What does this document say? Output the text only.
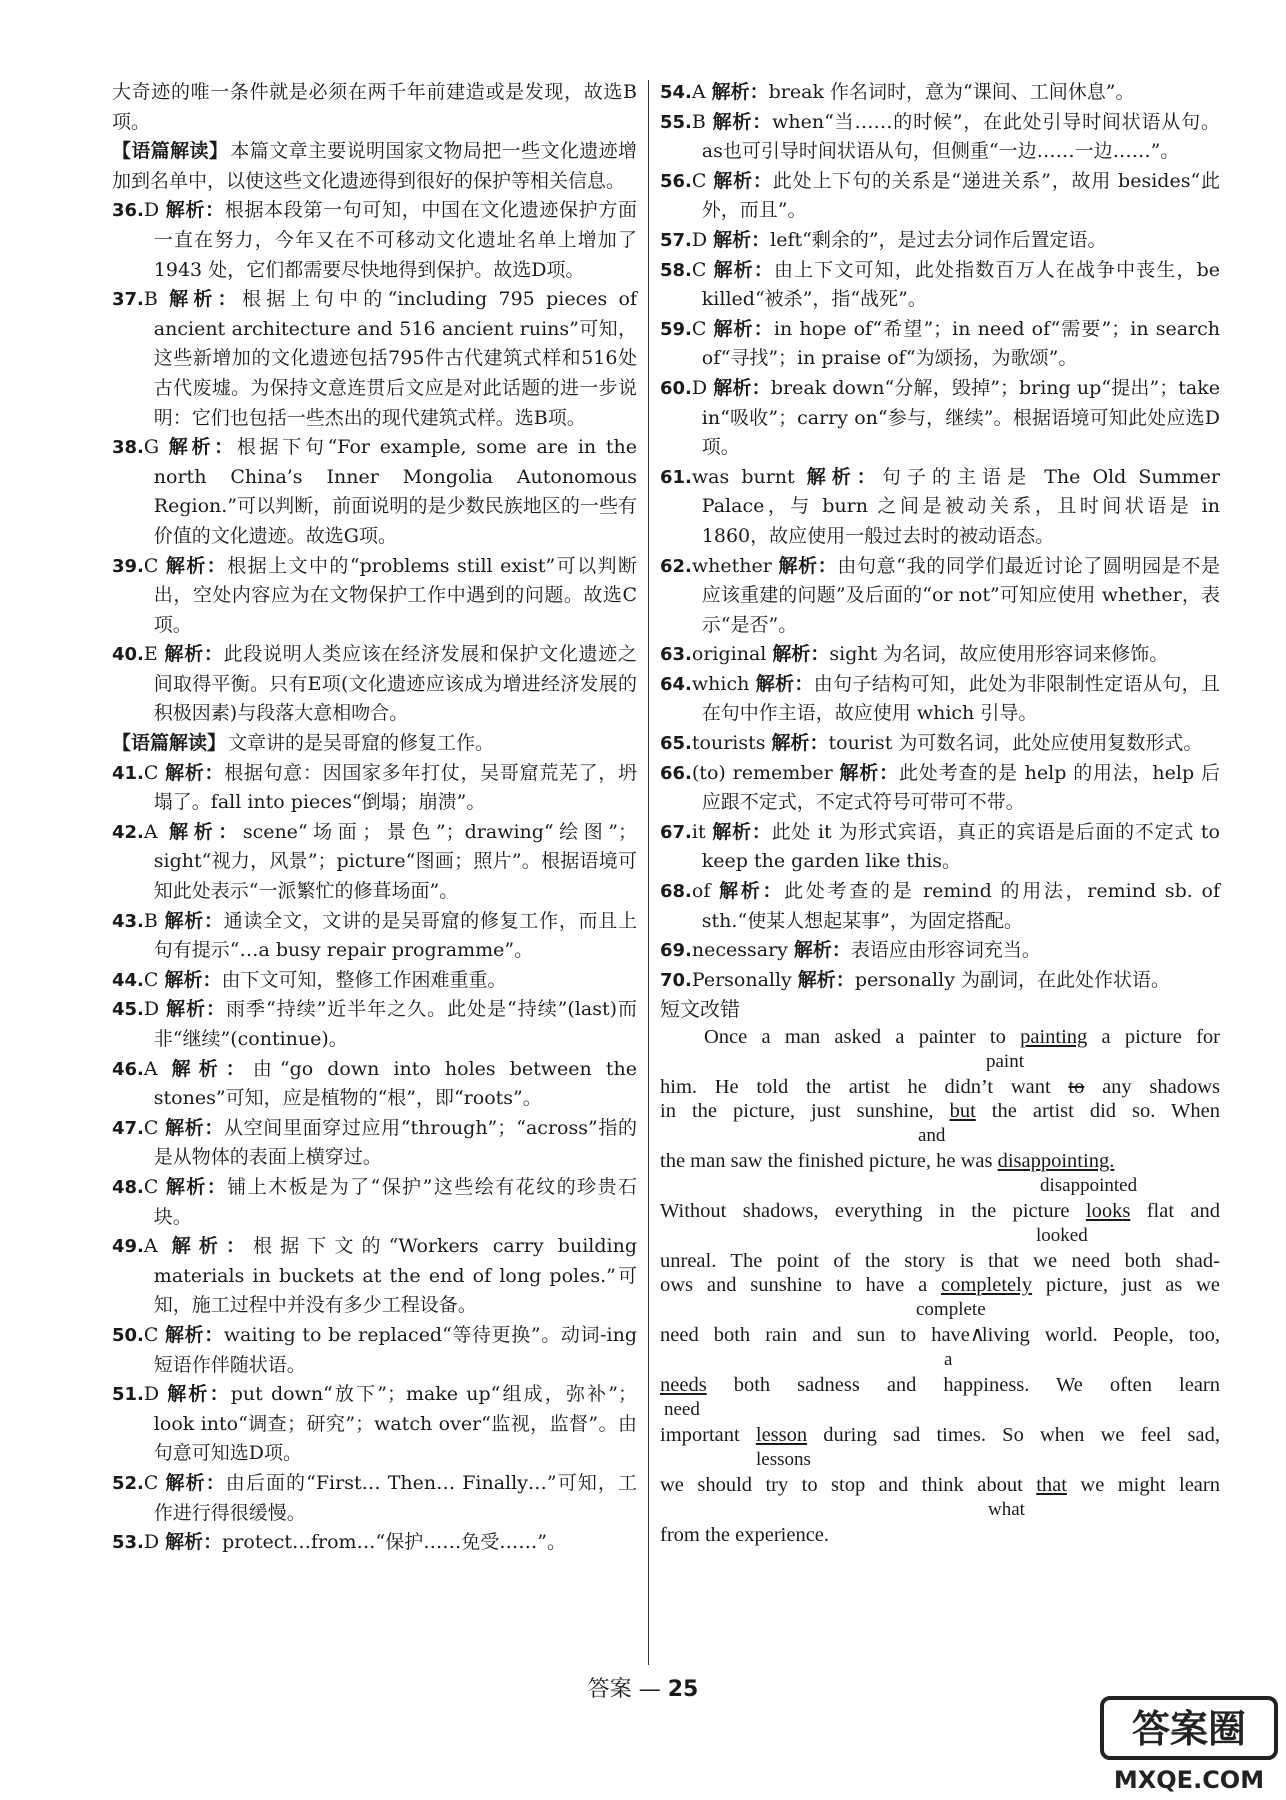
大奇迹的唯一条件就是必须在两千年前建造或是发现，故选B项。

【语篇解读】 本篇文章主要说明国家文物局把一些文化遗迹增加到名单中，以使这些文化遗迹得到很好的保护等相关信息。

36.D 解析：根据本段第一句可知，中国在文化遗迹保护方面一直在努力，今年又在不可移动文化遗址名单上增加了 1943 处，它们都需要尽快地得到保护。故选D项。

37.B 解析：根据上句中的“including 795 pieces of ancient architecture and 516 ancient ruins”可知，这些新增加的文化遗迹包括795件古代建筑式样和516处古代废墟。为保持文意连贯后文应是对此话题的进一步说明：它们也包括一些杰出的现代建筑式样。选B项。

38.G 解析：根据下句“For example, some are in the north China’s Inner Mongolia Autonomous Region.”可以判断，前面说明的是少数民族地区的一些有价值的文化遗迹。故选G项。

39.C 解析：根据上文中的“problems still exist”可以判断出，空处内容应为在文物保护工作中遇到的问题。故选C项。

40.E 解析：此段说明人类应该在经济发展和保护文化遗迹之间取得平衡。只有E项(文化遗迹应该成为增进经济发展的积极因素)与段落大意相吻合。

【语篇解读】 文章讲的是吴哥窟的修复工作。

41.C 解析：根据句意：因国家多年打仗，吴哥窟荒芜了，坍塌了。fall into pieces“倒塌；崩溃”。

42.A 解析：scene“场面；景色”；drawing“绘图”；sight“视力，风景”；picture“图画；照片”。根据语境可知此处表示“一派繁忙的修葺场面”。

43.B 解析：通读全文，文讲的是吴哥窟的修复工作，而且上句有提示“…a busy repair programme”。

44.C 解析：由下文可知，整修工作困难重重。

45.D 解析：雨季“持续”近半年之久。此处是“持续”(last)而非“继续”(continue)。

46.A 解析：由“go down into holes between the stones”可知，应是植物的“根”，即“roots”。

47.C 解析：从空间里面穿过应用“through”；“across”指的是从物体的表面上横穿过。

48.C 解析：铺上木板是为了“保护”这些绘有花纹的珍贵石块。

49.A 解析：根据下文的“Workers carry building materials in buckets at the end of long poles.”可知，施工过程中并没有多少工程设备。

50.C 解析：waiting to be replaced“等待更换”。动词-ing短语作伴随状语。

51.D 解析：put down“放下”；make up“组成，弥补”；look into“调查；研究”；watch over“监视，监督”。由句意可知选D项。

52.C 解析：由后面的“First… Then… Finally…”可知，工作进行得很缓慢。

53.D 解析：protect…from…“保护……免受……”。

54.A 解析：break 作名词时，意为“课间、工间休息”。

55.B 解析：when“当……的时候”，在此处引导时间状语从句。as也可引导时间状语从句，但侧重“一边……一边……”。

56.C 解析：此处上下句的关系是“递进关系”，故用 besides“此外，而且”。

57.D 解析：left“剩余的”，是过去分词作后置定语。

58.C 解析：由上下文可知，此处指数百万人在战争中丧生，be killed“被杀”，指“战死”。

59.C 解析：in hope of“希望”；in need of“需要”；in search of“寻找”；in praise of“为颂扬，为歌颂”。

60.D 解析：break down“分解，毁掉”；bring up“提出”；take in“吸收”；carry on“参与，继续”。根据语境可知此处应选D项。

61.was burnt 解析：句子的主语是 The Old Summer Palace，与 burn 之间是被动关系，且时间状语是 in 1860，故应使用一般过去时的被动语态。

62.whether 解析：由句意“我的同学们最近讨论了圆明园是不是应该重建的问题”及后面的“or not”可知应使用 whether，表示“是否”。

63.original 解析：sight 为名词，故应使用形容词来修饰。

64.which 解析：由句子结构可知，此处为非限制性定语从句，且在句中作主语，故应使用 which 引导。

65.tourists 解析：tourist 为可数名词，此处应使用复数形式。

66.(to) remember 解析：此处考查的是 help 的用法，help 后应跟不定式，不定式符号可带可不带。

67.it 解析：此处 it 为形式宾语，真正的宾语是后面的不定式 to keep the garden like this。

68.of 解析：此处考查的是 remind 的用法，remind sb. of sth.“使某人想起某事”，为固定搭配。

69.necessary 解析：表语应由形容词充当。

70.Personally 解析：personally 为副词，在此处作状语。

短文改错

Once a man asked a painter to painting a picture for

paint

him. He told the artist he didn’t want to any shadows

in the picture, just sunshine, but the artist did so. When

and

the man saw the finished picture, he was disappointing.

disappointed

Without shadows, everything in the picture looks flat and

looked

unreal. The point of the story is that we need both shad-

ows and sunshine to have a completely picture, just as we

complete

need both rain and sun to have∧living world. People, too,

a

needs both sadness and happiness. We often learn

need

important lesson during sad times. So when we feel sad,

lessons

we should try to stop and think about that we might learn

what

from the experience.

答案 — 25
答案圈
MXQE.COM
